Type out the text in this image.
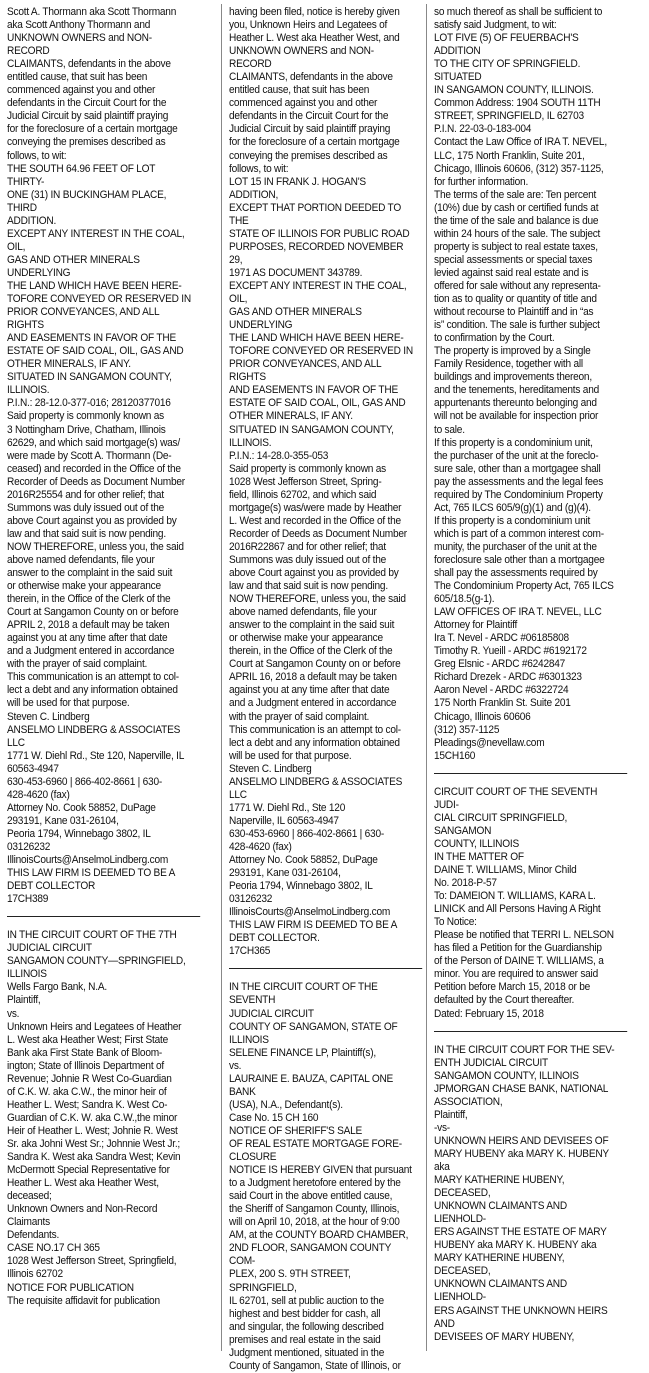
Scott A. Thormann aka Scott Thormann

aka Scott Anthony Thormann and

UNKNOWN OWNERS and NON-RECORD

CLAIMANTS, defendants in the above

entitled cause, that suit has been

commenced against you and other

defendants in the Circuit Court for the

Judicial Circuit by said plaintiff praying

for the foreclosure of a certain mortgage

conveying the premises described as

follows, to wit:

THE SOUTH 64.96 FEET OF LOT THIRTY-

ONE (31) IN BUCKINGHAM PLACE, THIRD

ADDITION.

EXCEPT ANY INTEREST IN THE COAL, OIL,

GAS AND OTHER MINERALS UNDERLYING

THE LAND WHICH HAVE BEEN HERE-

TOFORE CONVEYED OR RESERVED IN

PRIOR CONVEYANCES, AND ALL RIGHTS

AND EASEMENTS IN FAVOR OF THE

ESTATE OF SAID COAL, OIL, GAS AND

OTHER MINERALS, IF ANY.

SITUATED IN SANGAMON COUNTY,

ILLINOIS.

P.I.N.: 28-12.0-377-016; 28120377016

Said property is commonly known as

3 Nottingham Drive, Chatham, Illinois

62629, and which said mortgage(s) was/

were made by Scott A. Thormann (De-

ceased) and recorded in the Office of the

Recorder of Deeds as Document Number

2016R25554 and for other relief; that

Summons was duly issued out of the

above Court against you as provided by

law and that said suit is now pending.

NOW THEREFORE, unless you, the said

above named defendants, file your

answer to the complaint in the said suit

or otherwise make your appearance

therein, in the Office of the Clerk of the

Court at Sangamon County on or before

APRIL 2, 2018 a default may be taken

against you at any time after that date

and a Judgment entered in accordance

with the prayer of said complaint.

This communication is an attempt to col-

lect a debt and any information obtained

will be used for that purpose.

Steven C. Lindberg

ANSELMO LINDBERG & ASSOCIATES LLC

1771 W. Diehl Rd., Ste 120, Naperville, IL

60563-4947

630-453-6960 | 866-402-8661 | 630-

428-4620 (fax)

Attorney No. Cook 58852, DuPage

293191, Kane 031-26104,

Peoria 1794, Winnebago 3802, IL

03126232

IllinoisCourts@AnselmoLindberg.com

THIS LAW FIRM IS DEEMED TO BE A

DEBT COLLECTOR

17CH389

IN THE CIRCUIT COURT OF THE 7TH

JUDICIAL CIRCUIT

SANGAMON COUNTY—SPRINGFIELD,

ILLINOIS

Wells Fargo Bank, N.A.

Plaintiff,

vs.

Unknown Heirs and Legatees of Heather

L. West aka Heather West; First State

Bank aka First State Bank of Bloom-

ington; State of Illinois Department of

Revenue; Johnie R West Co-Guardian

of C.K. W. aka C.W., the minor heir of

Heather L. West; Sandra K. West Co-

Guardian of C.K. W. aka C.W.,the minor

Heir of Heather L. West; Johnie R. West

Sr. aka Johni West Sr.; Johnnie West Jr.;

Sandra K. West aka Sandra West; Kevin

McDermott Special Representative for

Heather L. West aka Heather West,

deceased;

Unknown Owners and Non-Record

Claimants

Defendants.

CASE NO.17 CH 365

1028 West Jefferson Street, Springfield,

Illinois 62702

NOTICE FOR PUBLICATION

The requisite affidavit for publication

having been filed, notice is hereby given

you, Unknown Heirs and Legatees of

Heather L. West aka Heather West, and

UNKNOWN OWNERS and NON-RECORD

CLAIMANTS, defendants in the above

entitled cause, that suit has been

commenced against you and other

defendants in the Circuit Court for the

Judicial Circuit by said plaintiff praying

for the foreclosure of a certain mortgage

conveying the premises described as

follows, to wit:

LOT 15 IN FRANK J. HOGAN'S ADDITION,

EXCEPT THAT PORTION DEEDED TO THE

STATE OF ILLINOIS FOR PUBLIC ROAD

PURPOSES, RECORDED NOVEMBER 29,

1971 AS DOCUMENT 343789.

EXCEPT ANY INTEREST IN THE COAL, OIL,

GAS AND OTHER MINERALS UNDERLYING

THE LAND WHICH HAVE BEEN HERE-

TOFORE CONVEYED OR RESERVED IN

PRIOR CONVEYANCES, AND ALL RIGHTS

AND EASEMENTS IN FAVOR OF THE

ESTATE OF SAID COAL, OIL, GAS AND

OTHER MINERALS, IF ANY.

SITUATED IN SANGAMON COUNTY,

ILLINOIS.

P.I.N.: 14-28.0-355-053

Said property is commonly known as

1028 West Jefferson Street, Spring-

field, Illinois 62702, and which said

mortgage(s) was/were made by Heather

L. West and recorded in the Office of the

Recorder of Deeds as Document Number

2016R22867 and for other relief; that

Summons was duly issued out of the

above Court against you as provided by

law and that said suit is now pending.

NOW THEREFORE, unless you, the said

above named defendants, file your

answer to the complaint in the said suit

or otherwise make your appearance

therein, in the Office of the Clerk of the

Court at Sangamon County on or before

APRIL 16, 2018 a default may be taken

against you at any time after that date

and a Judgment entered in accordance

with the prayer of said complaint.

This communication is an attempt to col-

lect a debt and any information obtained

will be used for that purpose.

Steven C. Lindberg

ANSELMO LINDBERG & ASSOCIATES LLC

1771 W. Diehl Rd., Ste 120

Naperville, IL 60563-4947

630-453-6960 | 866-402-8661 | 630-

428-4620 (fax)

Attorney No. Cook 58852, DuPage

293191, Kane 031-26104,

Peoria 1794, Winnebago 3802, IL

03126232

IllinoisCourts@AnselmoLindberg.com

THIS LAW FIRM IS DEEMED TO BE A

DEBT COLLECTOR.

17CH365

IN THE CIRCUIT COURT OF THE SEVENTH

JUDICIAL CIRCUIT

COUNTY OF SANGAMON, STATE OF

ILLINOIS

SELENE FINANCE LP, Plaintiff(s),

vs.

LAURAINE E. BAUZA, CAPITAL ONE BANK

(USA), N.A., Defendant(s).

Case No. 15 CH 160

NOTICE OF SHERIFF'S SALE

OF REAL ESTATE MORTGAGE FORE-

CLOSURE

NOTICE IS HEREBY GIVEN that pursuant

to a Judgment heretofore entered by the

said Court in the above entitled cause,

the Sheriff of Sangamon County, Illinois,

will on April 10, 2018, at the hour of 9:00

AM, at the COUNTY BOARD CHAMBER,

2ND FLOOR, SANGAMON COUNTY COM-

PLEX, 200 S. 9TH STREET, SPRINGFIELD,

IL 62701, sell at public auction to the

highest and best bidder for cash, all

and singular, the following described

premises and real estate in the said

Judgment mentioned, situated in the

County of Sangamon, State of Illinois, or

so much thereof as shall be sufficient to

satisfy said Judgment, to wit:

LOT FIVE (5) OF FEUERBACH'S ADDITION

TO THE CITY OF SPRINGFIELD. SITUATED

IN SANGAMON COUNTY, ILLINOIS.

Common Address: 1904 SOUTH 11TH

STREET, SPRINGFIELD, IL 62703

P.I.N. 22-03-0-183-004

Contact the Law Office of IRA T. NEVEL,

LLC, 175 North Franklin, Suite 201,

Chicago, Illinois 60606, (312) 357-1125,

for further information.

The terms of the sale are: Ten percent

(10%) due by cash or certified funds at

the time of the sale and balance is due

within 24 hours of the sale. The subject

property is subject to real estate taxes,

special assessments or special taxes

levied against said real estate and is

offered for sale without any representa-

tion as to quality or quantity of title and

without recourse to Plaintiff and in “as

is” condition. The sale is further subject

to confirmation by the Court.

The property is improved by a Single

Family Residence, together with all

buildings and improvements thereon,

and the tenements, hereditaments and

appurtenants thereunto belonging and

will not be available for inspection prior

to sale.

If this property is a condominium unit,

the purchaser of the unit at the foreclo-

sure sale, other than a mortgagee shall

pay the assessments and the legal fees

required by The Condominium Property

Act, 765 ILCS 605/9(g)(1) and (g)(4).

If this property is a condominium unit

which is part of a common interest com-

munity, the purchaser of the unit at the

foreclosure sale other than a mortgagee

shall pay the assessments required by

The Condominium Property Act, 765 ILCS

605/18.5(g-1).

LAW OFFICES OF IRA T. NEVEL, LLC

Attorney for Plaintiff

Ira T. Nevel - ARDC #06185808

Timothy R. Yueill - ARDC #6192172

Greg Elsnic - ARDC #6242847

Richard Drezek - ARDC #6301323

Aaron Nevel - ARDC #6322724

175 North Franklin St. Suite 201

Chicago, Illinois 60606

(312) 357-1125

Pleadings@nevellaw.com

15CH160

CIRCUIT COURT OF THE SEVENTH JUDI-

CIAL CIRCUIT SPRINGFIELD, SANGAMON

COUNTY, ILLINOIS

IN THE MATTER OF

DAINE T. WILLIAMS, Minor Child

No. 2018-P-57

To: DAMEION T. WILLIAMS, KARA L.

LINICK and All Persons Having A Right

To Notice:

Please be notified that TERRI L. NELSON

has filed a Petition for the Guardianship

of the Person of DAINE T. WILLIAMS, a

minor. You are required to answer said

Petition before March 15, 2018 or be

defaulted by the Court thereafter.

Dated: February 15, 2018

IN THE CIRCUIT COURT FOR THE SEV-

ENTH JUDICIAL CIRCUIT

SANGAMON COUNTY, ILLINOIS

JPMORGAN CHASE BANK, NATIONAL

ASSOCIATION,

Plaintiff,

-vs-

UNKNOWN HEIRS AND DEVISEES OF

MARY HUBENY aka MARY K. HUBENY aka

MARY KATHERINE HUBENY, DECEASED,

UNKNOWN CLAIMANTS AND LIENHOLD-

ERS AGAINST THE ESTATE OF MARY

HUBENY aka MARY K. HUBENY aka

MARY KATHERINE HUBENY, DECEASED,

UNKNOWN CLAIMANTS AND LIENHOLD-

ERS AGAINST THE UNKNOWN HEIRS AND

DEVISEES OF MARY HUBENY,
